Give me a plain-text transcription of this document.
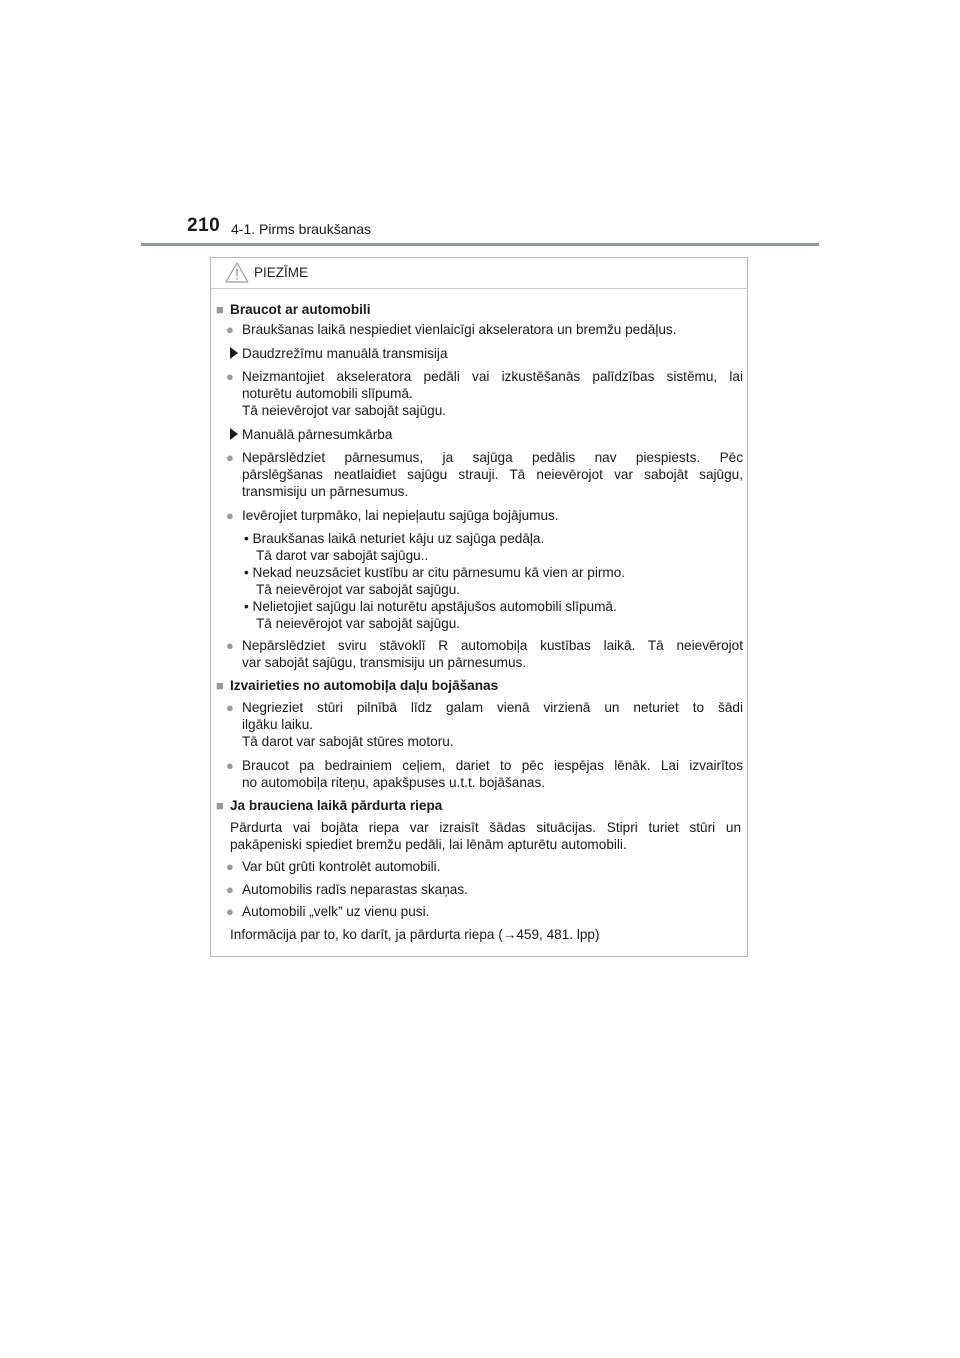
210 4-1. Pirms braukšanas
PIEZĪME
■ Braucot ar automobili
● Braukšanas laikā nespiediet vienlaicīgi akseleratora un bremžu pedāļus.
Daudzrežīmu manuālā transmisija
● Neizmantojiet akseleratora pedāli vai izkustēšanās palīdzības sistēmu, lai
noturētu automobili slīpumā.
Tā neievērojot var sabojāt sajūgu.
Manuālā pārnesumkārba
● Nepārslēdziet pārnesumus, ja sajūga pedālis nav piespiests. Pēc
pārslēgšanas neatlaidiet sajūgu strauji. Tā neievērojot var sabojāt sajūgu,
transmisiju un pārnesumus.
● Ievērojiet turpmāko, lai nepieļautu sajūga bojājumus.
• Braukšanas laikā neturiet kāju uz sajūga pedāļa.
Tā darot var sabojāt sajūgu..
• Nekad neuzsāciet kustību ar citu pārnesumu kā vien ar pirmo.
Tā neievērojot var sabojāt sajūgu.
• Nelietojiet sajūgu lai noturētu apstājušos automobili slīpumā.
Tā neievērojot var sabojāt sajūgu.
● Nepārslēdziet sviru stāvoklī R automobiļa kustības laikā. Tā neievērojot
var sabojāt sajūgu, transmisiju un pārnesumus.
■ Izvairieties no automobiļa daļu bojāšanas
● Negrieziet stūri pilnībā līdz galam vienā virzienā un neturiet to šādi
ilgāku laiku.
Tā darot var sabojāt stūres motoru.
● Braucot pa bedrainiem ceļiem, dariet to pēc iespējas lēnāk. Lai izvairītos
no automobiļa riteņu, apakšpuses u.t.t. bojāšanas.
■ Ja brauciena laikā pārdurta riepa
Pārdurta vai bojāta riepa var izraisīt šādas situācijas. Stipri turiet stūri un
pakāpeniski spiediet bremžu pedāli, lai lēnām apturētu automobili.
● Var būt grūti kontrolēt automobili.
● Automobilis radīs neparastas skaņas.
● Automobili „velk” uz vienu pusi.
Informācija par to, ko darīt, ja pārdurta riepa (→459, 481. lpp)
